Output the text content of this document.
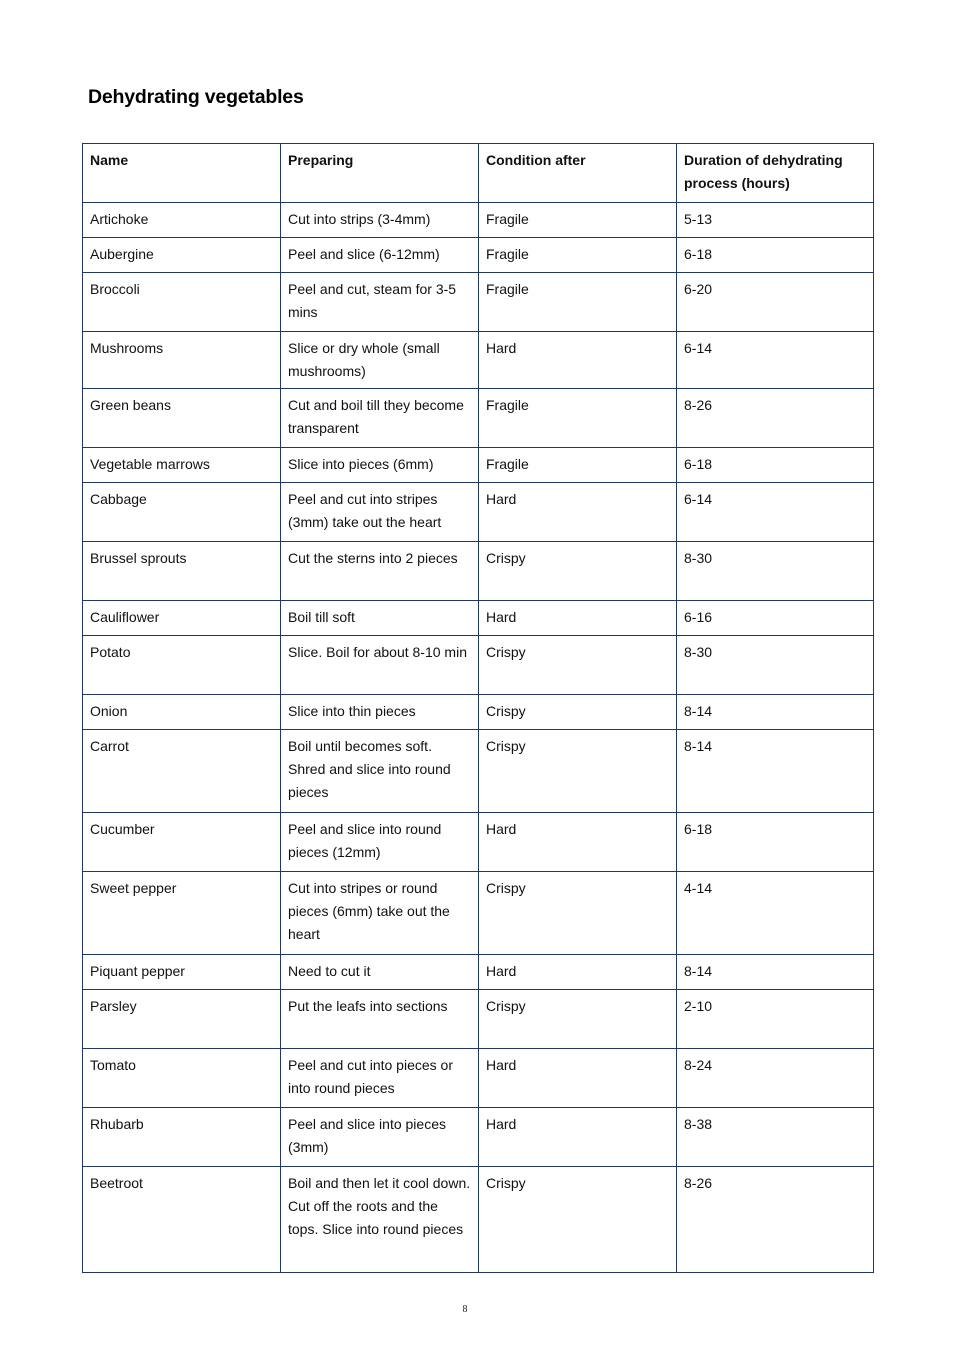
Dehydrating vegetables
Name	Preparing	Condition after	Duration of dehydrating process (hours)
Artichoke	Cut into strips (3-4mm)	Fragile	5-13
Aubergine	Peel and slice (6-12mm)	Fragile	6-18
Broccoli	Peel and cut, steam for 3-5 mins	Fragile	6-20
Mushrooms	Slice or dry whole (small mushrooms)	Hard	6-14
Green beans	Cut and boil till they become transparent	Fragile	8-26
Vegetable marrows	Slice into pieces (6mm)	Fragile	6-18
Cabbage	Peel and cut into stripes (3mm) take out the heart	Hard	6-14
Brussel sprouts	Cut the sterns into 2 pieces	Crispy	8-30
Cauliflower	Boil till soft	Hard	6-16
Potato	Slice. Boil for about 8-10 min	Crispy	8-30
Onion	Slice into thin pieces	Crispy	8-14
Carrot	Boil until becomes soft. Shred and slice into round pieces	Crispy	8-14
Cucumber	Peel and slice into round pieces (12mm)	Hard	6-18
Sweet pepper	Cut into stripes or round pieces (6mm) take out the heart	Crispy	4-14
Piquant pepper	Need to cut it	Hard	8-14
Parsley	Put the leafs into sections	Crispy	2-10
Tomato	Peel and cut into pieces or into round pieces	Hard	8-24
Rhubarb	Peel and slice into pieces (3mm)	Hard	8-38
Beetroot	Boil and then let it cool down. Cut off the roots and the tops. Slice into round pieces	Crispy	8-26
8
